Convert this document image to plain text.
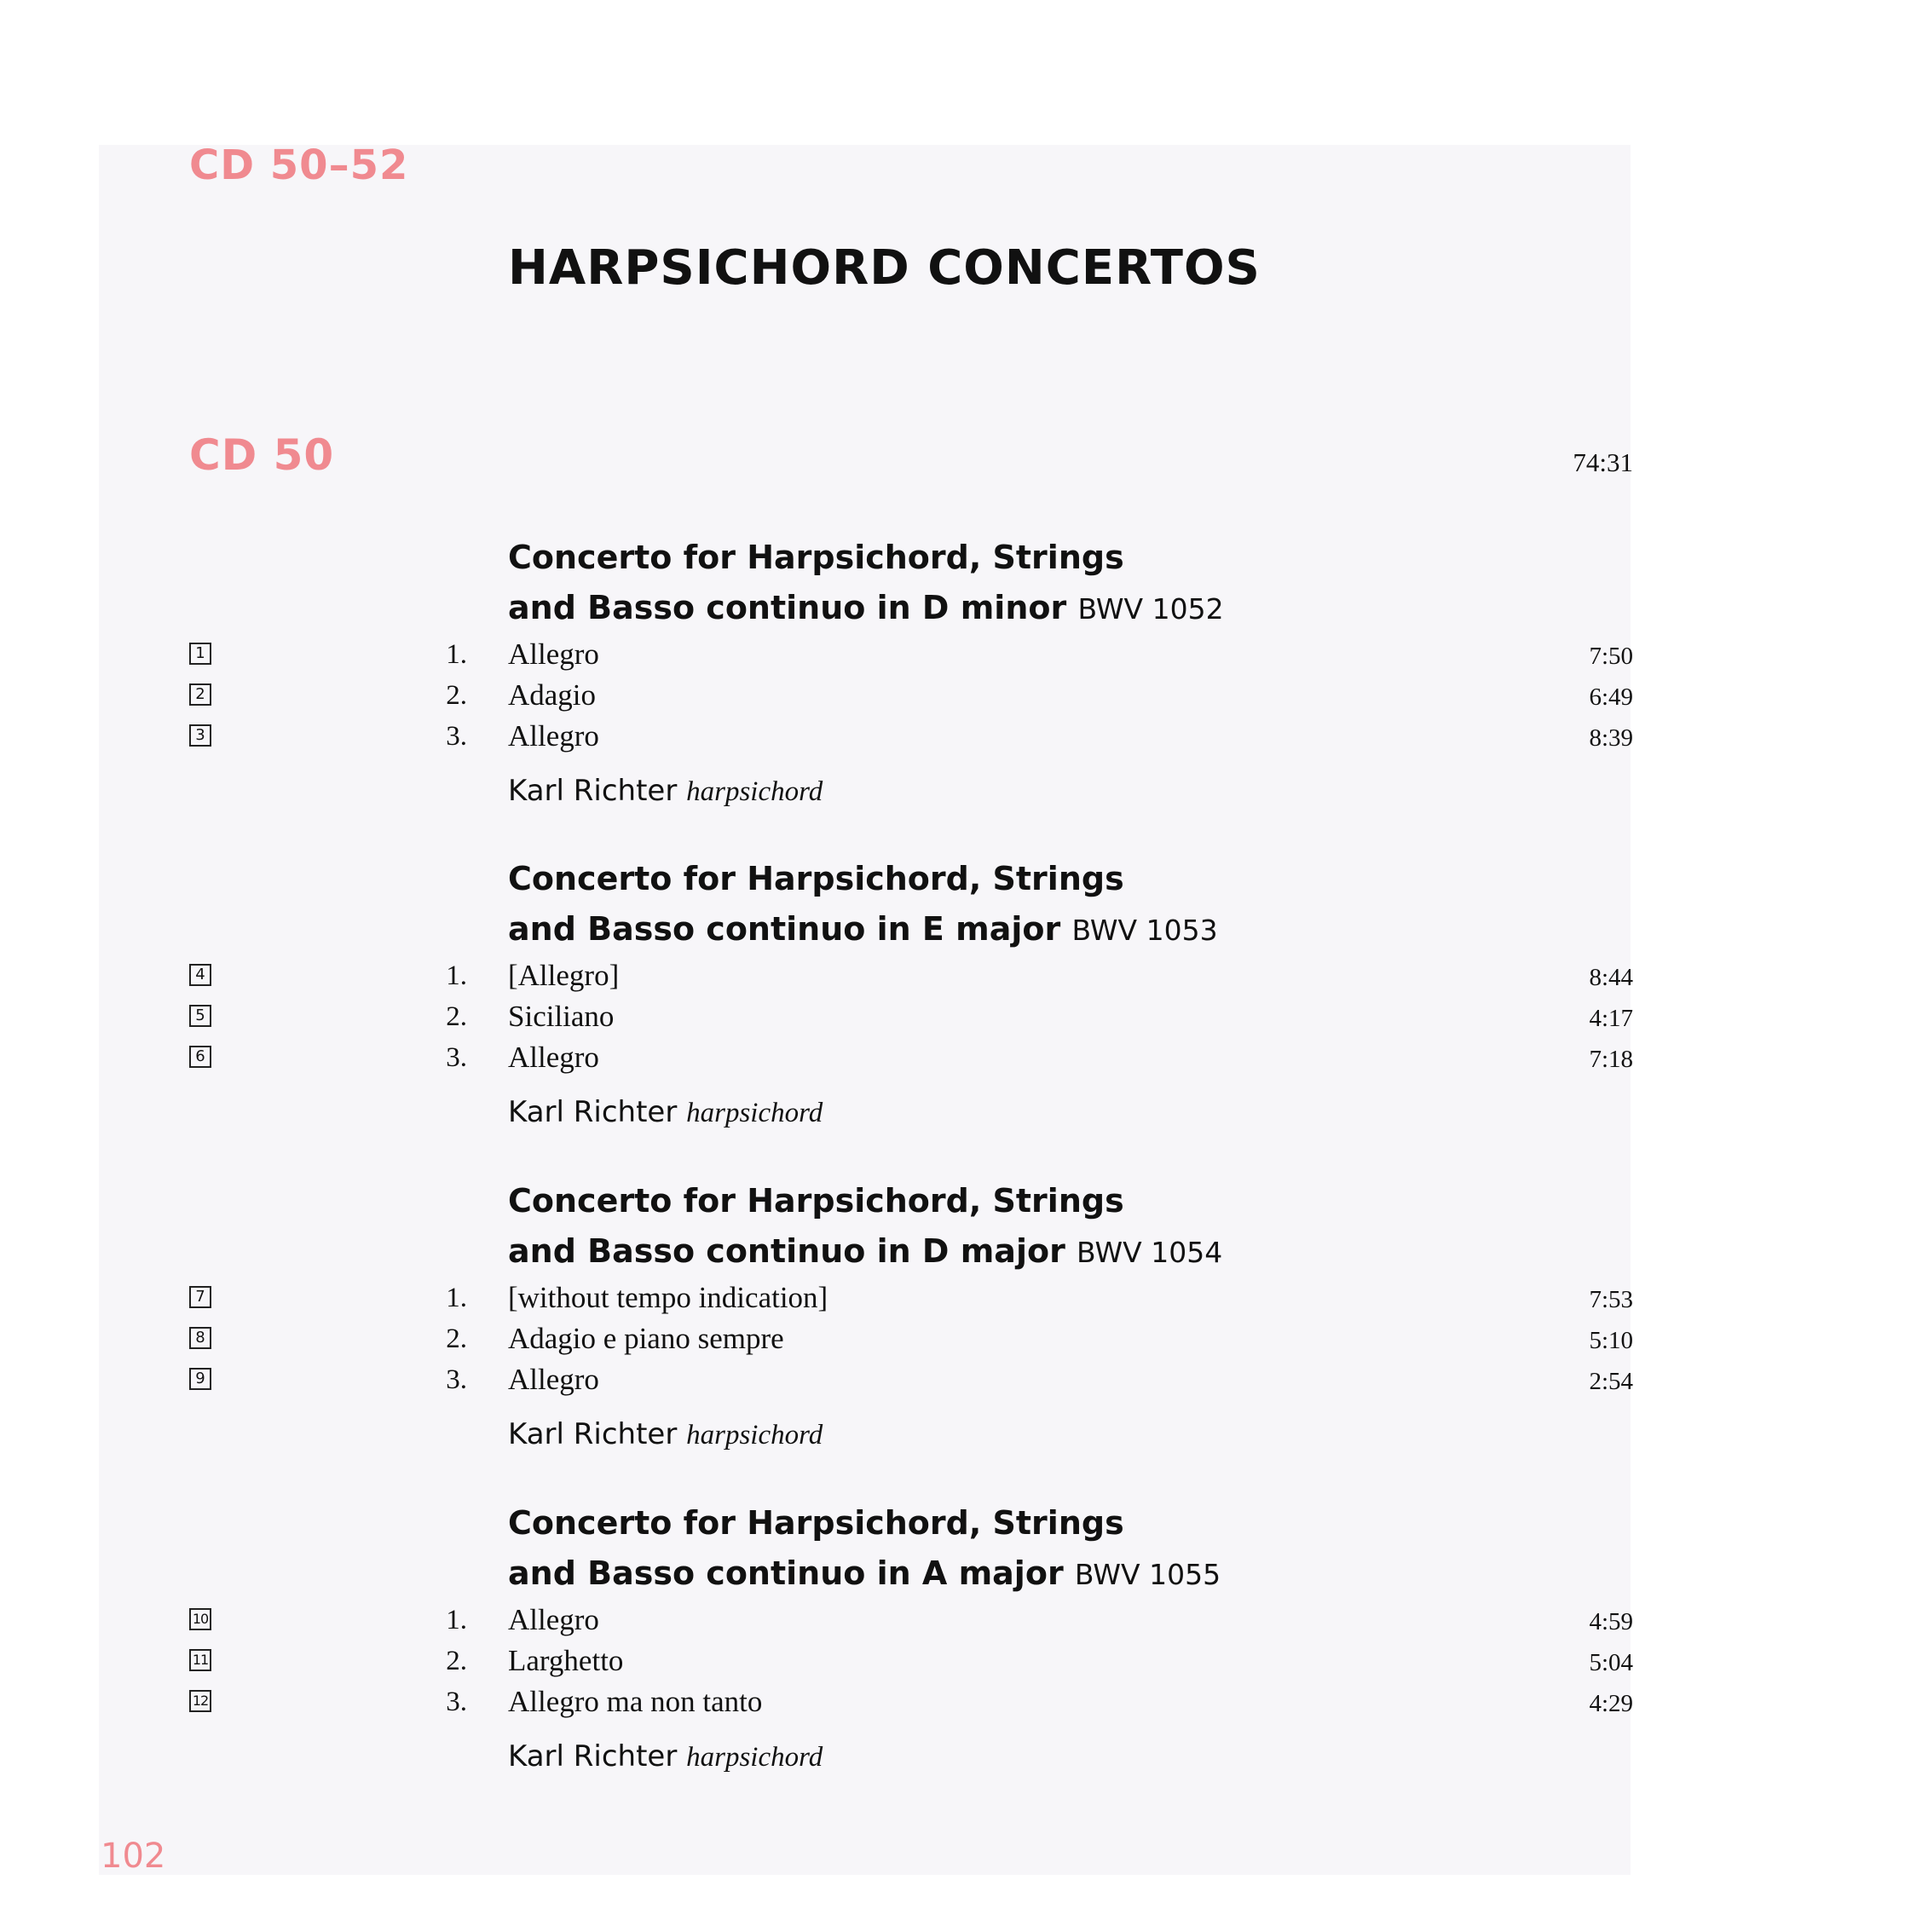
CD 50–52
CD 50
HARPSICHORD CONCERTOS
74:31
Concerto for Harpsichord, Strings
and Basso continuo in D minor BWV 1052
1	1. Allegro	7:50
2	2. Adagio	6:49
3	3. Allegro	8:39
Karl Richter harpsichord
Concerto for Harpsichord, Strings
and Basso continuo in E major BWV 1053
4	1. [Allegro]	8:44
5	2. Siciliano	4:17
6	3. Allegro	7:18
Karl Richter harpsichord
Concerto for Harpsichord, Strings
and Basso continuo in D major BWV 1054
7	1. [without tempo indication]	7:53
8	2. Adagio e piano sempre	5:10
9	3. Allegro	2:54
Karl Richter harpsichord
Concerto for Harpsichord, Strings
and Basso continuo in A major BWV 1055
10	1. Allegro	4:59
11	2. Larghetto	5:04
12	3. Allegro ma non tanto	4:29
Karl Richter harpsichord
102
